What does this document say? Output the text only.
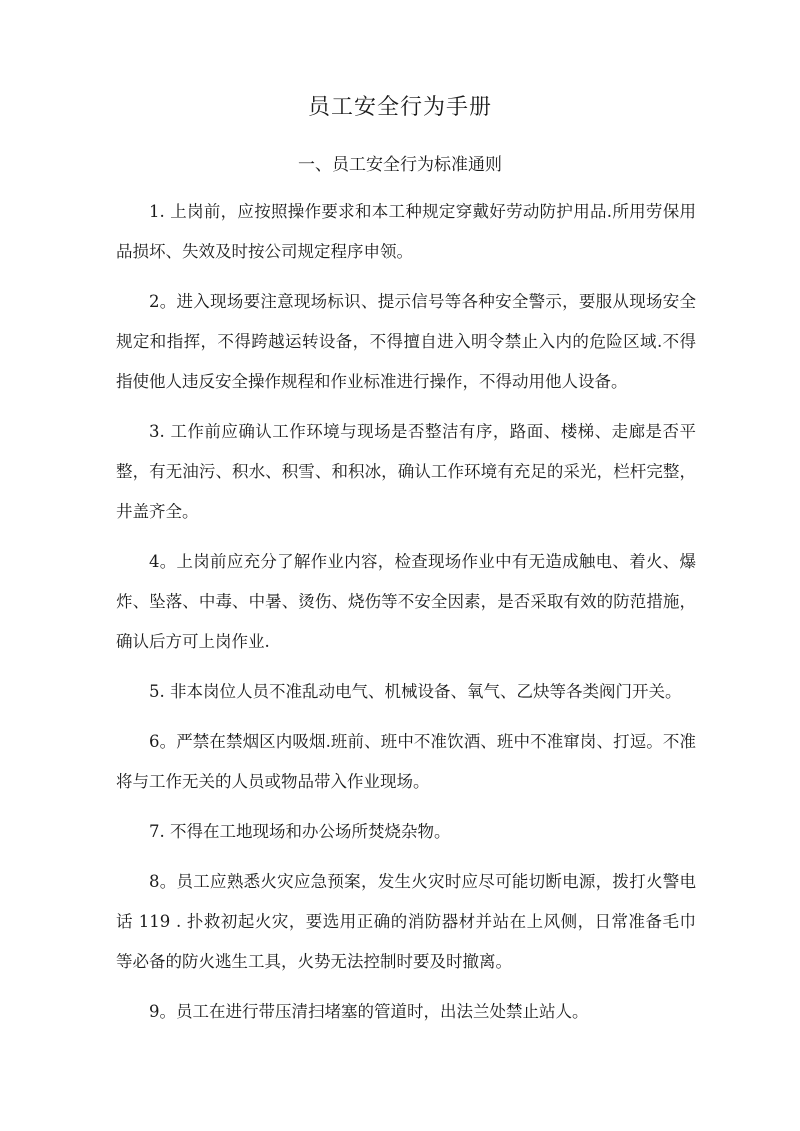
员工安全行为手册
一、员工安全行为标准通则

1. 上岗前，应按照操作要求和本工种规定穿戴好劳动防护用品.所用劳保用品损坏、失效及时按公司规定程序申领。

2。进入现场要注意现场标识、提示信号等各种安全警示，要服从现场安全规定和指挥，不得跨越运转设备，不得擅自进入明令禁止入内的危险区域.不得指使他人违反安全操作规程和作业标准进行操作，不得动用他人设备。

3. 工作前应确认工作环境与现场是否整洁有序，路面、楼梯、走廊是否平整，有无油污、积水、积雪、和积冰，确认工作环境有充足的采光，栏杆完整，井盖齐全。

4。上岗前应充分了解作业内容，检查现场作业中有无造成触电、着火、爆炸、坠落、中毒、中暑、烫伤、烧伤等不安全因素，是否采取有效的防范措施，确认后方可上岗作业.

5. 非本岗位人员不准乱动电气、机械设备、氧气、乙炔等各类阀门开关。

6。严禁在禁烟区内吸烟.班前、班中不准饮酒、班中不准窜岗、打逗。不准将与工作无关的人员或物品带入作业现场。

7. 不得在工地现场和办公场所焚烧杂物。

8。员工应熟悉火灾应急预案，发生火灾时应尽可能切断电源，拨打火警电话 119 . 扑救初起火灾，要选用正确的消防器材并站在上风侧，日常准备毛巾等必备的防火逃生工具，火势无法控制时要及时撤离。

9。员工在进行带压清扫堵塞的管道时，出法兰处禁止站人。
